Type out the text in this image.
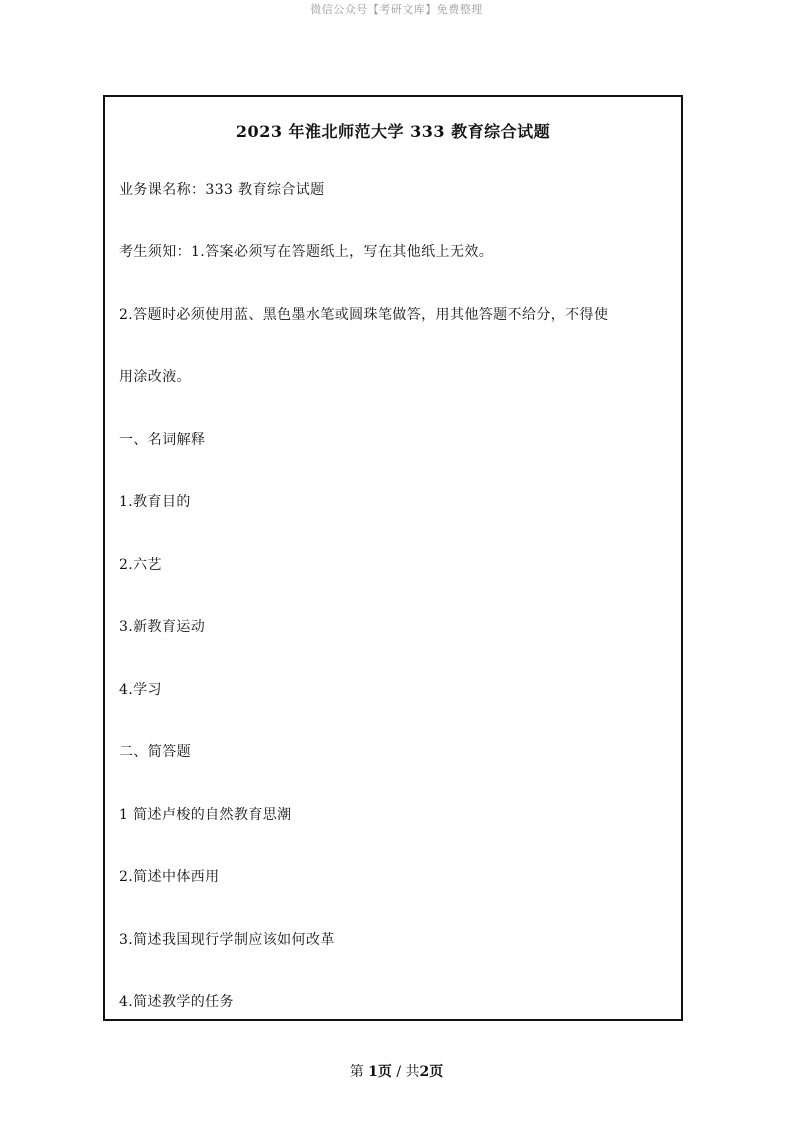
微信公众号【考研文库】免费整理
2023 年淮北师范大学 333 教育综合试题
业务课名称：333 教育综合试题
考生须知：1.答案必须写在答题纸上，写在其他纸上无效。
2.答题时必须使用蓝、黑色墨水笔或圆珠笔做答，用其他答题不给分，不得使
用涂改液。
一、名词解释
1.教育目的
2.六艺
3.新教育运动
4.学习
二、简答题
1 简述卢梭的自然教育思潮
2.简述中体西用
3.简述我国现行学制应该如何改革
4.简述教学的任务
第 1页 / 共2页
